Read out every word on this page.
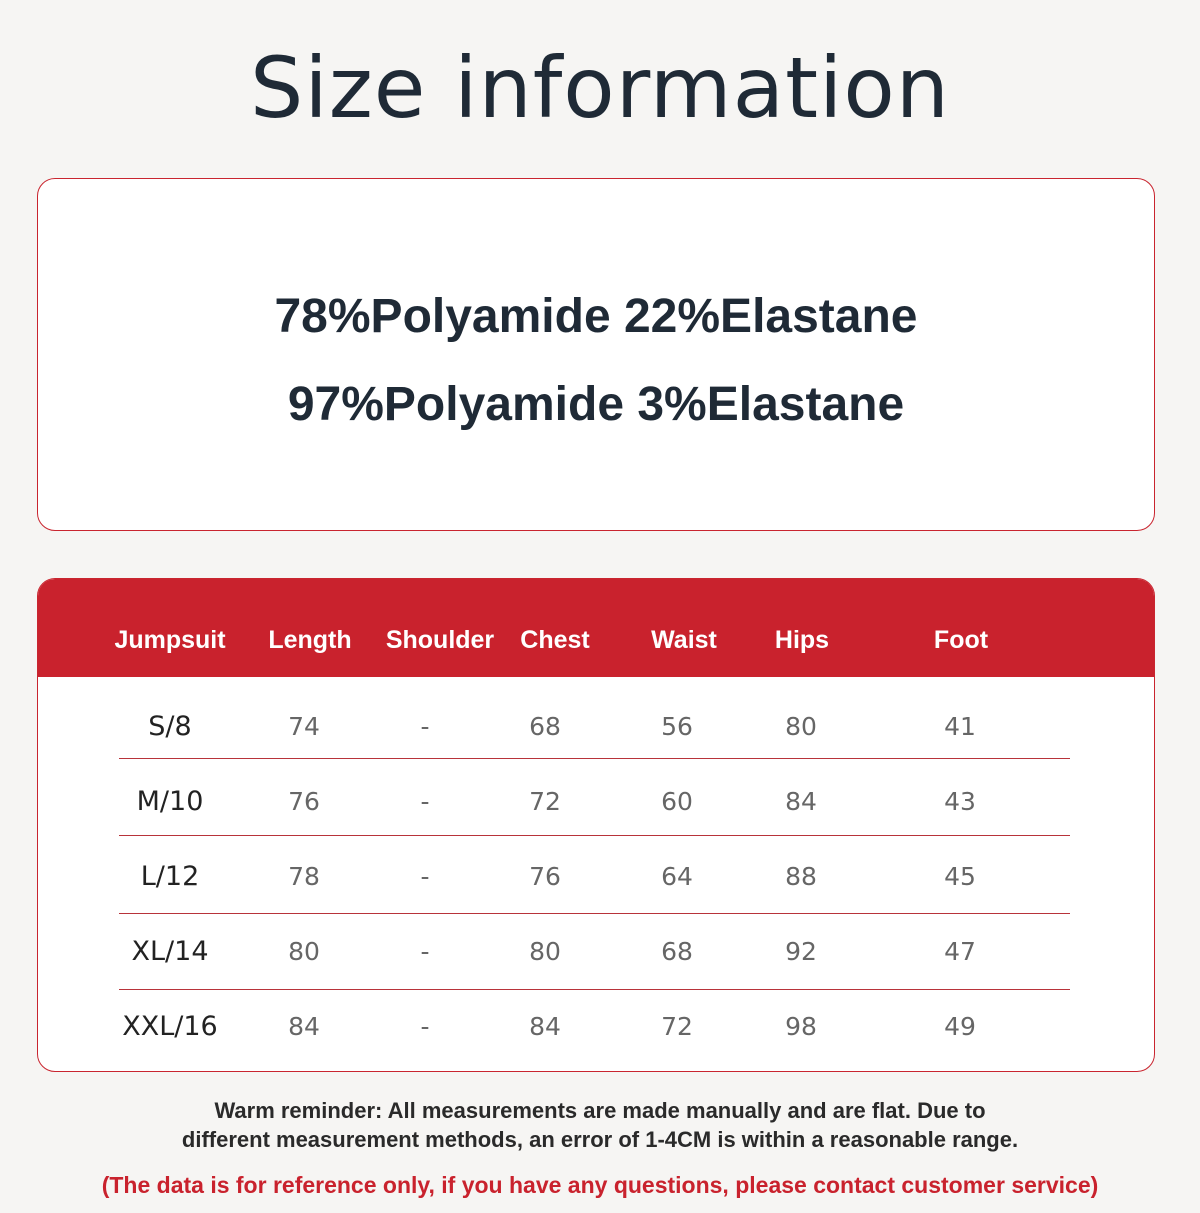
Size information
78%Polyamide 22%Elastane
97%Polyamide 3%Elastane
Jumpsuit Length Shoulder Chest Waist Hips	Foot
S/8	74	-	68	56	80	41
M/10	76	-	72	60	84	43
L/12	78	-	76	64	88	45
XL/14	80	-	80	68	92	47
XXL/16	84	-	84	72	98	49
Warm reminder: All measurements are made manually and are flat. Due to
different measurement methods, an error of 1-4CM is within a reasonable range.
(The data is for reference only, if you have any questions, please contact customer service)
